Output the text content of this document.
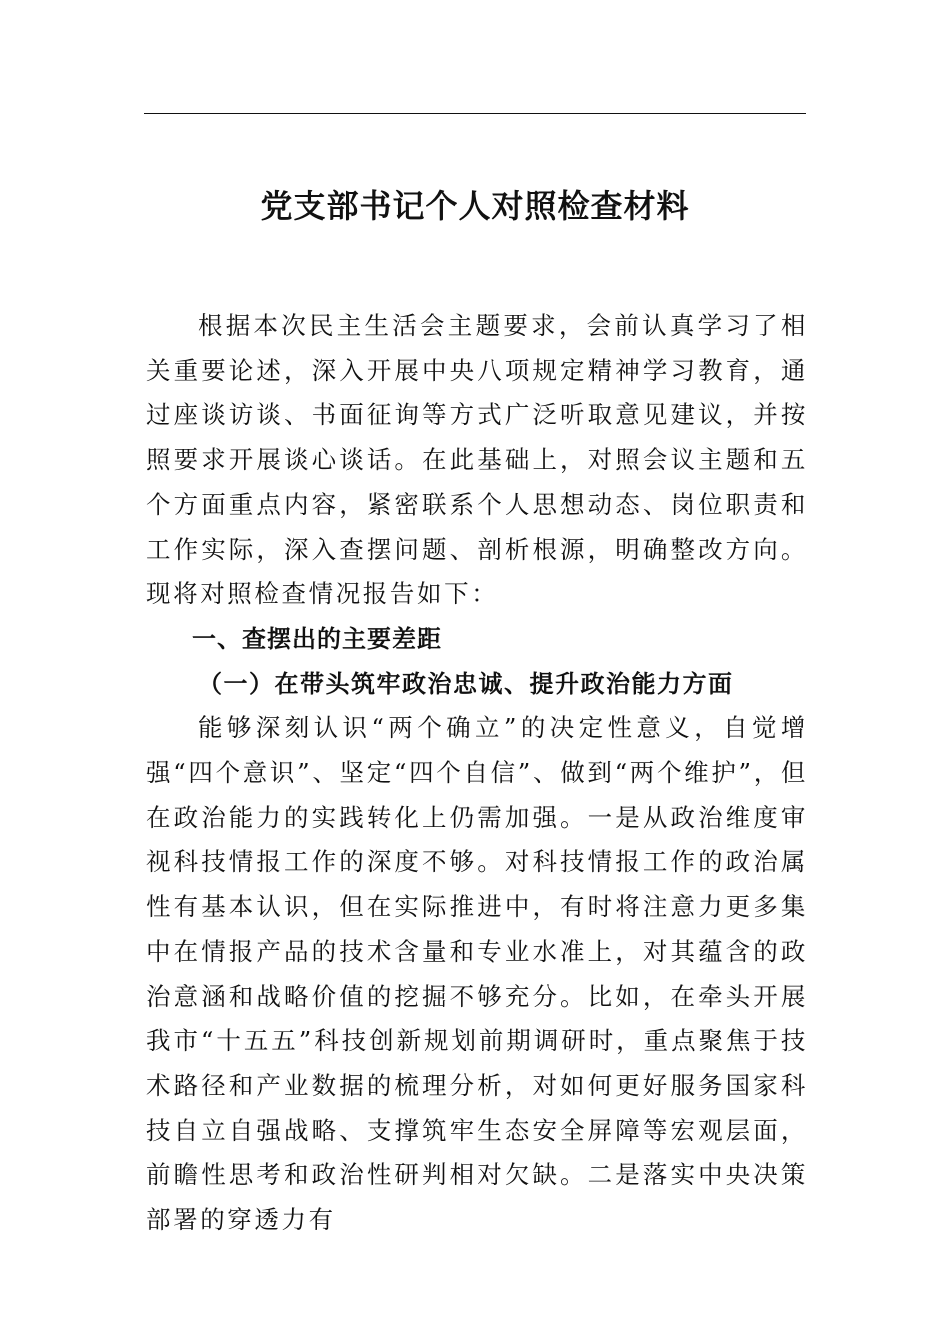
党支部书记个人对照检查材料

根据本次民主生活会主题要求，会前认真学习了相关重要论述，深入开展中央八项规定精神学习教育，通过座谈访谈、书面征询等方式广泛听取意见建议，并按照要求开展谈心谈话。在此基础上，对照会议主题和五个方面重点内容，紧密联系个人思想动态、岗位职责和工作实际，深入查摆问题、剖析根源，明确整改方向。现将对照检查情况报告如下：

一、查摆出的主要差距

（一）在带头筑牢政治忠诚、提升政治能力方面

能够深刻认识“两个确立”的决定性意义，自觉增强“四个意识”、坚定“四个自信”、做到“两个维护”，但在政治能力的实践转化上仍需加强。一是从政治维度审视科技情报工作的深度不够。对科技情报工作的政治属性有基本认识，但在实际推进中，有时将注意力更多集中在情报产品的技术含量和专业水准上，对其蕴含的政治意涵和战略价值的挖掘不够充分。比如，在牵头开展我市“十五五”科技创新规划前期调研时，重点聚焦于技术路径和产业数据的梳理分析，对如何更好服务国家科技自立自强战略、支撑筑牢生态安全屏障等宏观层面，前瞻性思考和政治性研判相对欠缺。二是落实中央决策部署的穿透力有
